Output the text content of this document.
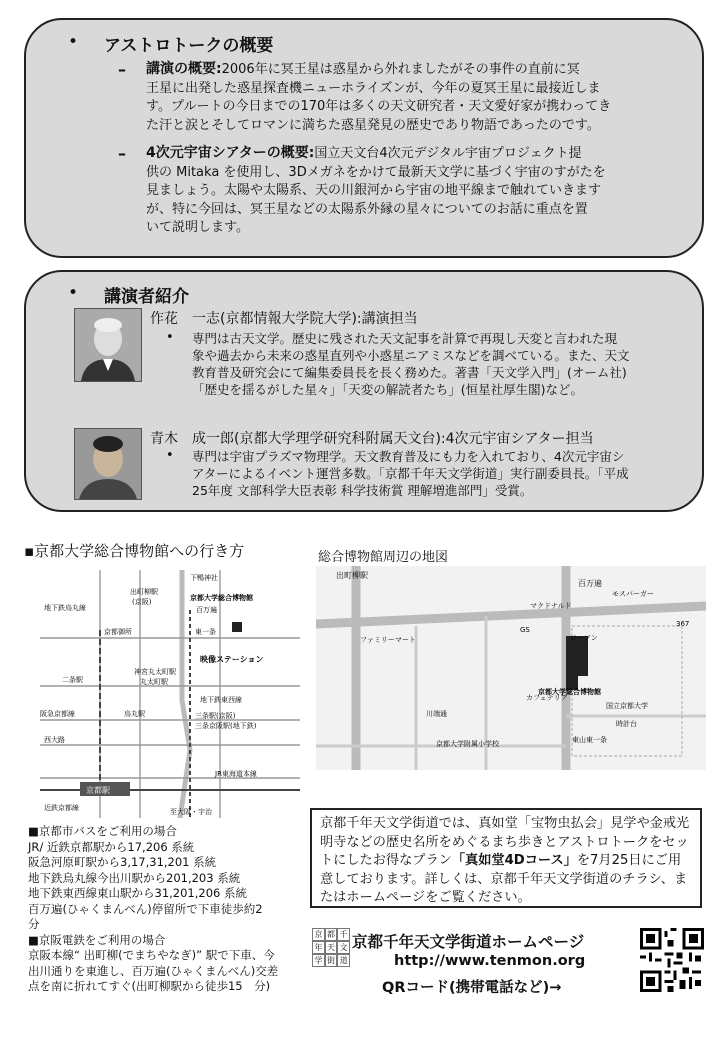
• アストロトークの概要
– 講演の概要:2006年に冥王星は惑星から外れましたがその事件の直前に冥
王星に出発した惑星探査機ニューホライズンが、今年の夏冥王星に最接近しま
す。プルートの今日までの170年は多くの天文研究者・天文愛好家が携わってき
た汗と涙とそしてロマンに満ちた惑星発見の歴史であり物語であったのです。
– 4次元宇宙シアターの概要:国立天文台4次元デジタル宇宙プロジェクト提
供の Mitaka を使用し、3Dメガネをかけて最新天文学に基づく宇宙のすがたを
見ましょう。太陽や太陽系、天の川銀河から宇宙の地平線まで触れていきます
が、特に今回は、冥王星などの太陽系外縁の星々についてのお話に重点を置
いて説明します。
• 講演者紹介
作花　一志(京都情報大学院大学):講演担当
• 専門は古天文学。歴史に残された天文記事を計算で再現し天変と言われた現
象や過去から未来の惑星直列や小惑星ニアミスなどを調べている。また、天文
教育普及研究会にて編集委員長を長く務めた。著書「天文学入門」(オーム社)
「歴史を揺るがした星々」「天変の解読者たち」(恒星社厚生閣)など。
青木　成一郎(京都大学理学研究科附属天文台):4次元宇宙シアター担当
• 専門は宇宙プラズマ物理学。天文教育普及にも力を入れており、4次元宇宙シ
アターによるイベント運営多数。「京都千年天文学街道」実行副委員長。「平成
25年度 文部科学大臣表彰 科学技術賞 理解増進部門」受賞。
▪京都大学総合博物館への行き方	総合博物館周辺の地図
京都駅
下鴨神社
出町柳駅
(京阪)	京都大学総合博物館
百万遍
京都御所	東一条
地下鉄烏丸線
神宮丸太町駅
丸太町駅
二条駅
映像ステーション
地下鉄東西線
阪急京都線	烏丸駅	三条駅(京阪)
三条京阪駅(地下鉄)
西大路
JR東海道本線
近鉄京都線	至大阪・宇治
出町柳駅
百万遍
マクドナルド
モスバーガー
ローソン
ファミリーマート
GS
カフェテリア
京都大学総合博物館
川端通
京都大学附属小学校	東山東一条
時計台
国立京都大学
367
■京都市バスをご利用の場合
JR/ 近鉄京都駅から17,206 系統
阪急河原町駅から3,17,31,201 系統
地下鉄烏丸線今出川駅から201,203 系統
地下鉄東西線東山駅から31,201,206 系統
百万遍(ひゃくまんべん)停留所で下車徒歩約2
分
■京阪電鉄をご利用の場合
京阪本線“ 出町柳(でまちやなぎ)” 駅で下車、今
出川通りを東進し、百万遍(ひゃくまんべん)交差
点を南に折れてすぐ(出町柳駅から徒歩15　分)
京都千年天文学街道では、真如堂「宝物虫払会」見学や金戒光明寺などの歴史名所をめぐるまち歩きとアストロトークをセットにしたお得なプラン「真如堂4Dコース」を7月25日にご用意しております。詳しくは、京都千年天文学街道のチラシ、またはホームページをご覧ください。
京 都 千
年 天 文
学 街 道
京都千年天文学街道ホームページ
http://www.tenmon.org
QRコード(携帯電話など)→
